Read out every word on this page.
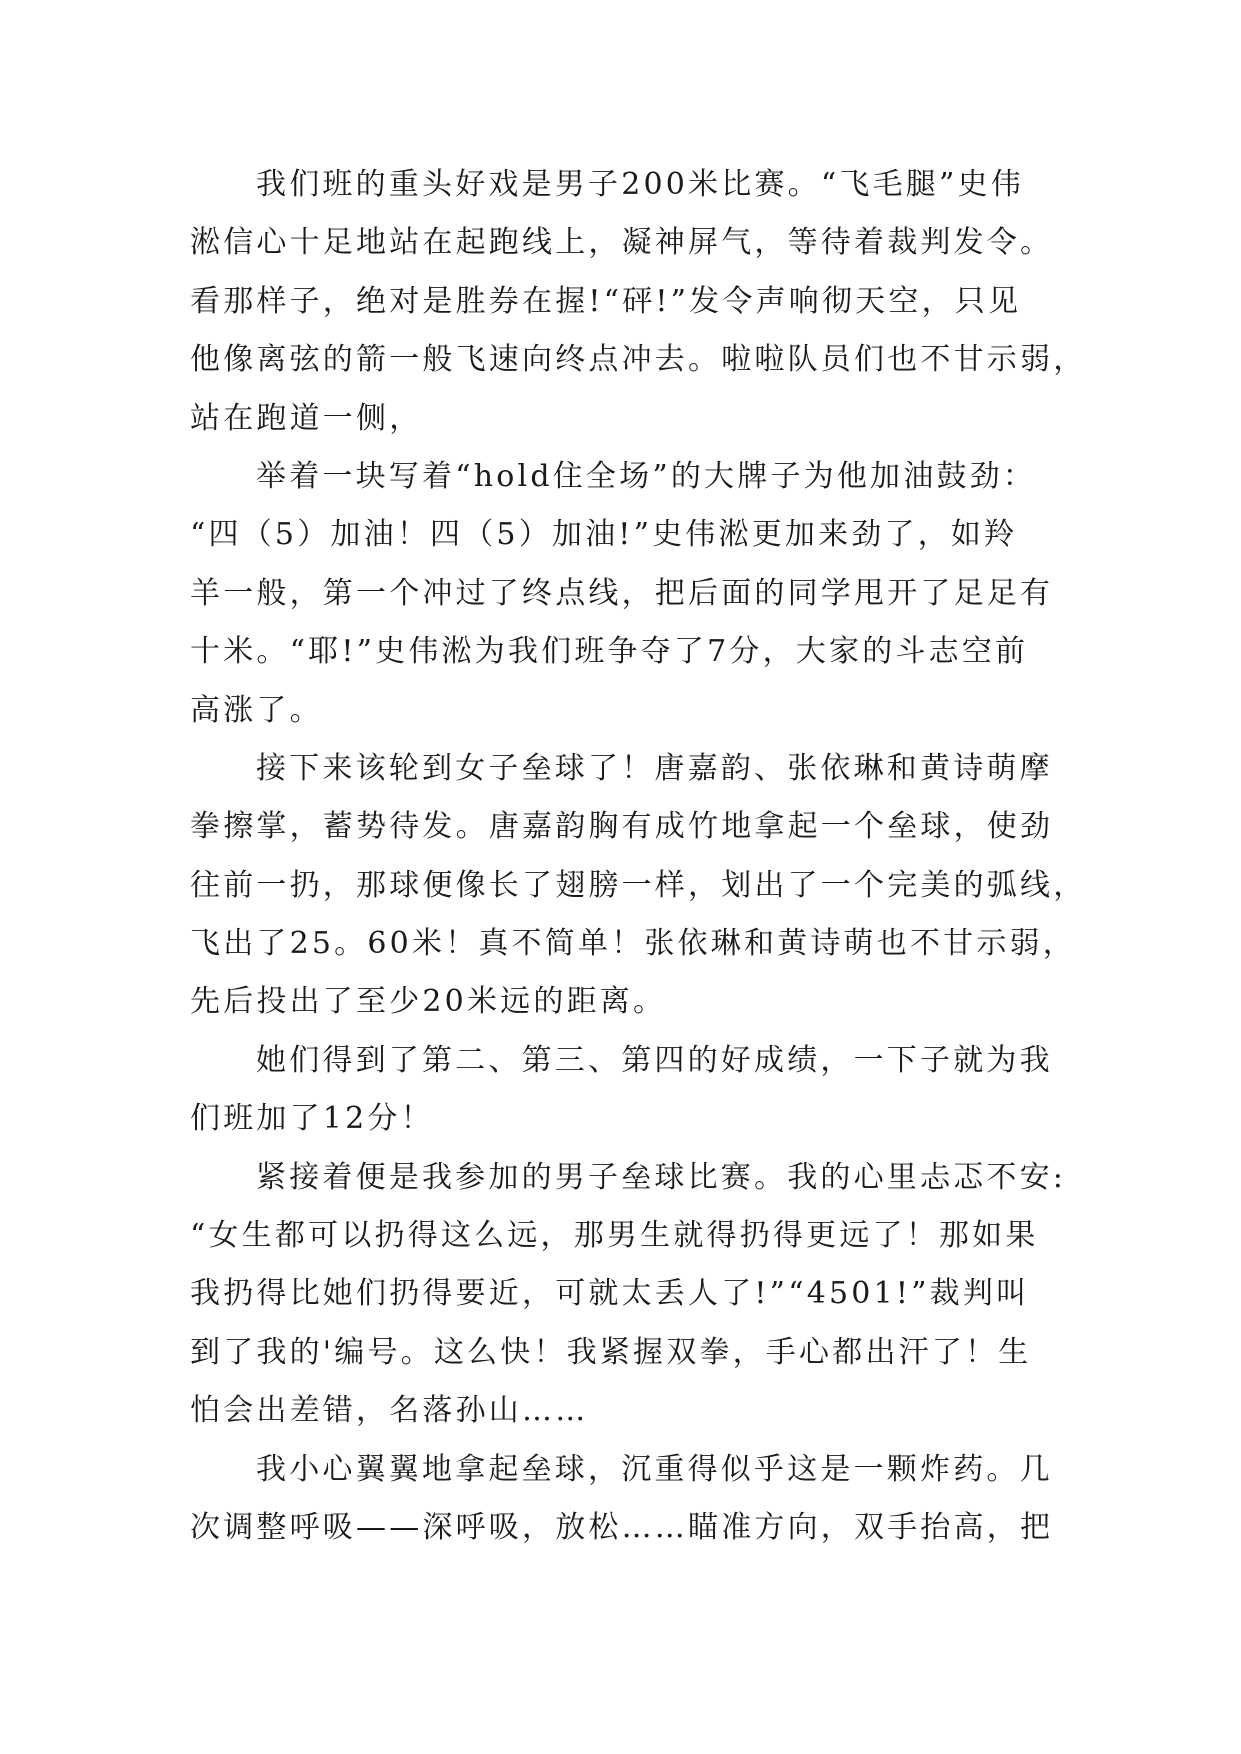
我们班的重头好戏是男子200米比赛。“飞毛腿”史伟
淞信心十足地站在起跑线上，凝神屏气，等待着裁判发令。
看那样子，绝对是胜券在握!“砰!”发令声响彻天空，只见
他像离弦的箭一般飞速向终点冲去。啦啦队员们也不甘示弱，
站在跑道一侧，
举着一块写着“hold住全场”的大牌子为他加油鼓劲：
“四（5）加油！四（5）加油!”史伟淞更加来劲了，如羚
羊一般，第一个冲过了终点线，把后面的同学甩开了足足有
十米。“耶!”史伟淞为我们班争夺了7分，大家的斗志空前
高涨了。
接下来该轮到女子垒球了！唐嘉韵、张依琳和黄诗萌摩
拳擦掌，蓄势待发。唐嘉韵胸有成竹地拿起一个垒球，使劲
往前一扔，那球便像长了翅膀一样，划出了一个完美的弧线，
飞出了25。60米！真不简单！张依琳和黄诗萌也不甘示弱，
先后投出了至少20米远的距离。
她们得到了第二、第三、第四的好成绩，一下子就为我
们班加了12分！
紧接着便是我参加的男子垒球比赛。我的心里忐忑不安:
“女生都可以扔得这么远，那男生就得扔得更远了！那如果
我扔得比她们扔得要近，可就太丢人了!”“4501!”裁判叫
到了我的'编号。这么快！我紧握双拳，手心都出汗了！生
怕会出差错，名落孙山……
我小心翼翼地拿起垒球，沉重得似乎这是一颗炸药。几
次调整呼吸——深呼吸，放松……瞄准方向，双手抬高，把
